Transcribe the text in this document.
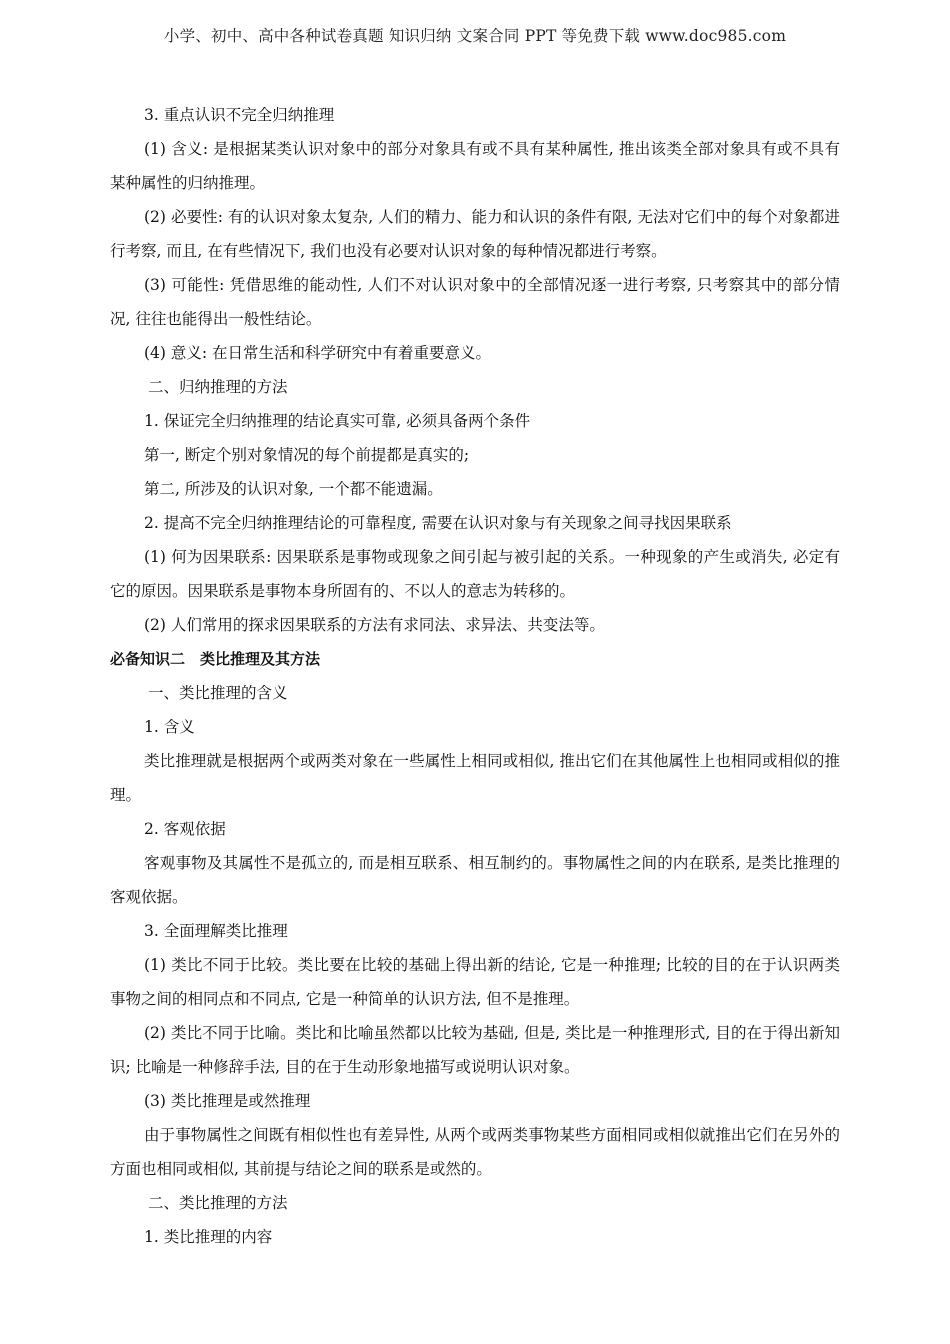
小学、初中、高中各种试卷真题 知识归纳 文案合同 PPT 等免费下载 www.doc985.com

3. 重点认识不完全归纳推理

(1) 含义: 是根据某类认识对象中的部分对象具有或不具有某种属性, 推出该类全部对象具有或不具有某种属性的归纳推理。

(2) 必要性: 有的认识对象太复杂, 人们的精力、能力和认识的条件有限, 无法对它们中的每个对象都进行考察, 而且, 在有些情况下, 我们也没有必要对认识对象的每种情况都进行考察。

(3) 可能性: 凭借思维的能动性, 人们不对认识对象中的全部情况逐一进行考察, 只考察其中的部分情况, 往往也能得出一般性结论。

(4) 意义: 在日常生活和科学研究中有着重要意义。

二、归纳推理的方法

1. 保证完全归纳推理的结论真实可靠, 必须具备两个条件

第一, 断定个别对象情况的每个前提都是真实的;

第二, 所涉及的认识对象, 一个都不能遗漏。

2. 提高不完全归纳推理结论的可靠程度, 需要在认识对象与有关现象之间寻找因果联系

(1) 何为因果联系: 因果联系是事物或现象之间引起与被引起的关系。一种现象的产生或消失, 必定有它的原因。因果联系是事物本身所固有的、不以人的意志为转移的。

(2) 人们常用的探求因果联系的方法有求同法、求异法、共变法等。

必备知识二　类比推理及其方法

一、类比推理的含义

1. 含义

类比推理就是根据两个或两类对象在一些属性上相同或相似, 推出它们在其他属性上也相同或相似的推理。

2. 客观依据

客观事物及其属性不是孤立的, 而是相互联系、相互制约的。事物属性之间的内在联系, 是类比推理的客观依据。

3. 全面理解类比推理

(1) 类比不同于比较。类比要在比较的基础上得出新的结论, 它是一种推理; 比较的目的在于认识两类事物之间的相同点和不同点, 它是一种简单的认识方法, 但不是推理。

(2) 类比不同于比喻。类比和比喻虽然都以比较为基础, 但是, 类比是一种推理形式, 目的在于得出新知识; 比喻是一种修辞手法, 目的在于生动形象地描写或说明认识对象。

(3) 类比推理是或然推理

由于事物属性之间既有相似性也有差异性, 从两个或两类事物某些方面相同或相似就推出它们在另外的方面也相同或相似, 其前提与结论之间的联系是或然的。

二、类比推理的方法

1. 类比推理的内容
